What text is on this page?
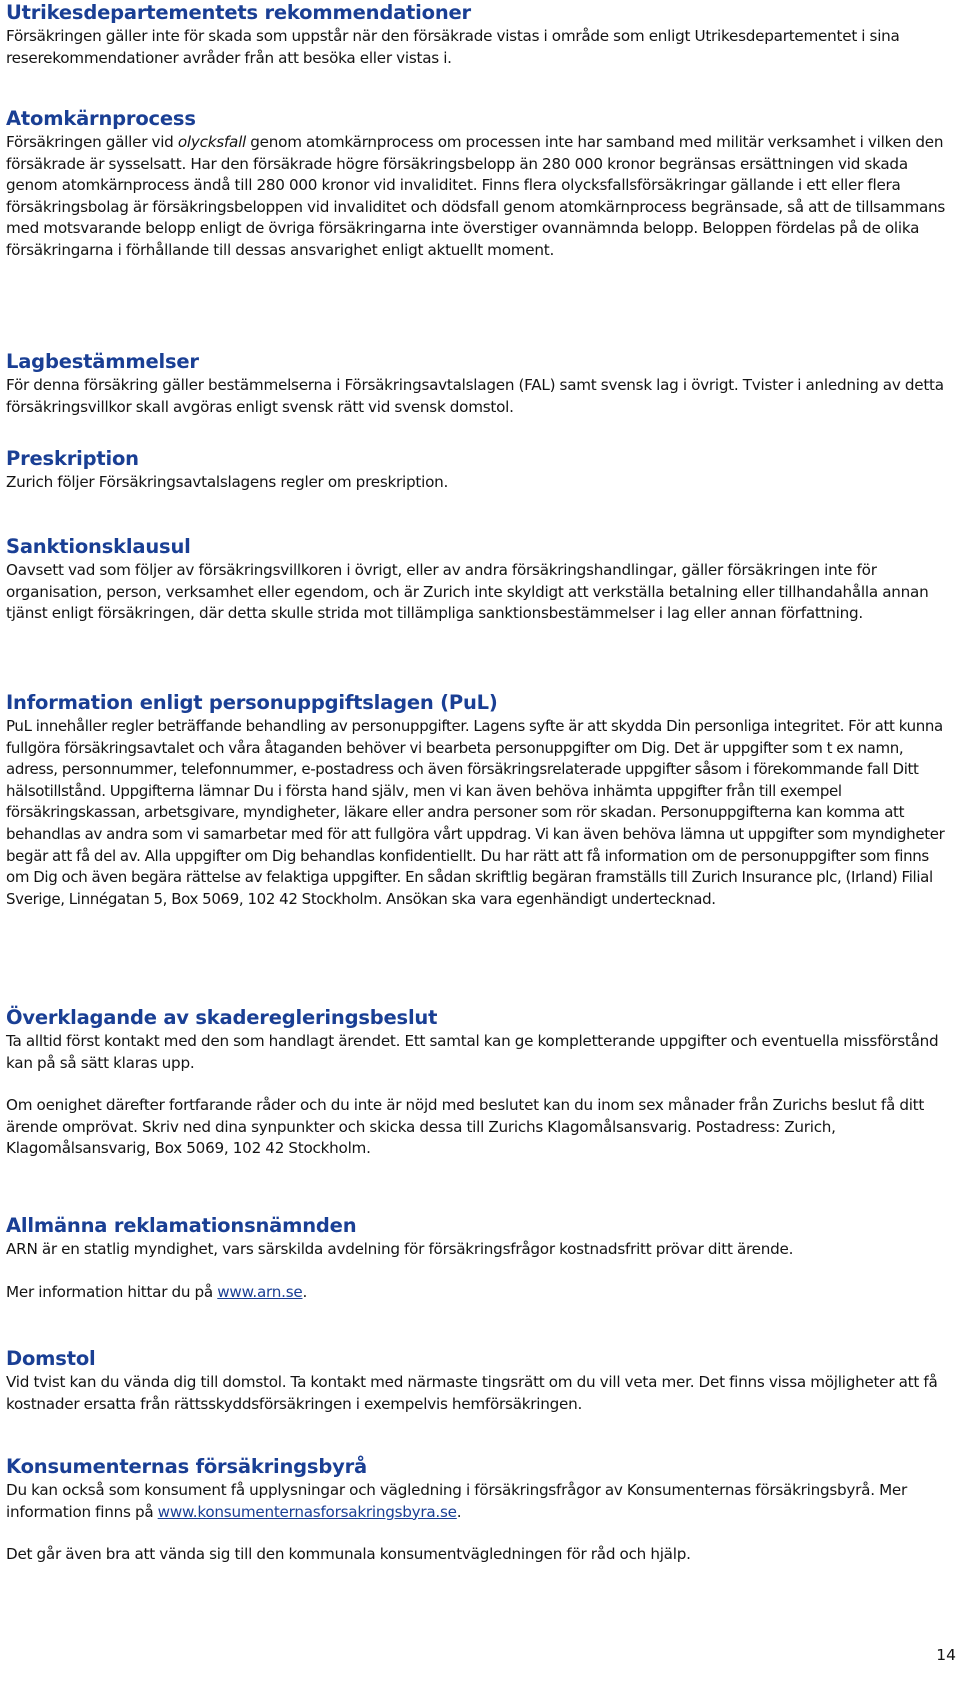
Utrikesdepartementets rekommendationer

Försäkringen gäller inte för skada som uppstår när den försäkrade vistas i område som enligt Utrikesdepartementet i sina reserekommendationer avråder från att besöka eller vistas i.

Atomkärnprocess

Försäkringen gäller vid olycksfall genom atomkärnprocess om processen inte har samband med militär verksamhet i vilken den försäkrade är sysselsatt. Har den försäkrade högre försäkringsbelopp än 280 000 kronor begränsas ersättningen vid skada genom atomkärnprocess ändå till 280 000 kronor vid invaliditet. Finns flera olycksfallsförsäkringar gällande i ett eller flera försäkringsbolag är försäkringsbeloppen vid invaliditet och dödsfall genom atomkärnprocess begränsade, så att de tillsammans med motsvarande belopp enligt de övriga försäkringarna inte överstiger ovannämnda belopp. Beloppen fördelas på de olika försäkringarna i förhållande till dessas ansvarighet enligt aktuellt moment.

Lagbestämmelser

För denna försäkring gäller bestämmelserna i Försäkringsavtalslagen (FAL) samt svensk lag i övrigt. Tvister i anledning av detta försäkringsvillkor skall avgöras enligt svensk rätt vid svensk domstol.

Preskription

Zurich följer Försäkringsavtalslagens regler om preskription.

Sanktionsklausul

Oavsett vad som följer av försäkringsvillkoren i övrigt, eller av andra försäkringshandlingar, gäller försäkringen inte för organisation, person, verksamhet eller egendom, och är Zurich inte skyldigt att verkställa betalning eller tillhandahålla annan tjänst enligt försäkringen, där detta skulle strida mot tillämpliga sanktionsbestämmelser i lag eller annan författning.

Information enligt personuppgiftslagen (PuL)

PuL innehåller regler beträffande behandling av personuppgifter. Lagens syfte är att skydda Din personliga integritet. För att kunna fullgöra försäkringsavtalet och våra åtaganden behöver vi bearbeta personuppgifter om Dig. Det är uppgifter som t ex namn, adress, personnummer, telefonnummer, e-postadress och även försäkringsrelaterade uppgifter såsom i förekommande fall Ditt hälsotillstånd. Uppgifterna lämnar Du i första hand själv, men vi kan även behöva inhämta uppgifter från till exempel försäkringskassan, arbetsgivare, myndigheter, läkare eller andra personer som rör skadan. Personuppgifterna kan komma att behandlas av andra som vi samarbetar med för att fullgöra vårt uppdrag. Vi kan även behöva lämna ut uppgifter som myndigheter begär att få del av. Alla uppgifter om Dig behandlas konfidentiellt. Du har rätt att få information om de personuppgifter som finns om Dig och även begära rättelse av felaktiga uppgifter. En sådan skriftlig begäran framställs till Zurich Insurance plc, (Irland) Filial Sverige, Linnégatan 5, Box 5069, 102 42 Stockholm. Ansökan ska vara egenhändigt undertecknad.

Överklagande av skaderegleringsbeslut

Ta alltid först kontakt med den som handlagt ärendet. Ett samtal kan ge kompletterande uppgifter och eventuella missförstånd kan på så sätt klaras upp.

Om oenighet därefter fortfarande råder och du inte är nöjd med beslutet kan du inom sex månader från Zurichs beslut få ditt ärende omprövat. Skriv ned dina synpunkter och skicka dessa till Zurichs Klagomålsansvarig. Postadress: Zurich, Klagomålsansvarig, Box 5069, 102 42 Stockholm.

Allmänna reklamationsnämnden

ARN är en statlig myndighet, vars särskilda avdelning för försäkringsfrågor kostnadsfritt prövar ditt ärende.

Mer information hittar du på www.arn.se.

Domstol

Vid tvist kan du vända dig till domstol. Ta kontakt med närmaste tingsrätt om du vill veta mer. Det finns vissa möjligheter att få kostnader ersatta från rättsskyddsförsäkringen i exempelvis hemförsäkringen.

Konsumenternas försäkringsbyrå

Du kan också som konsument få upplysningar och vägledning i försäkringsfrågor av Konsumenternas försäkringsbyrå. Mer information finns på www.konsumenternasforsakringsbyra.se.

Det går även bra att vända sig till den kommunala konsumentvägledningen för råd och hjälp.

14
